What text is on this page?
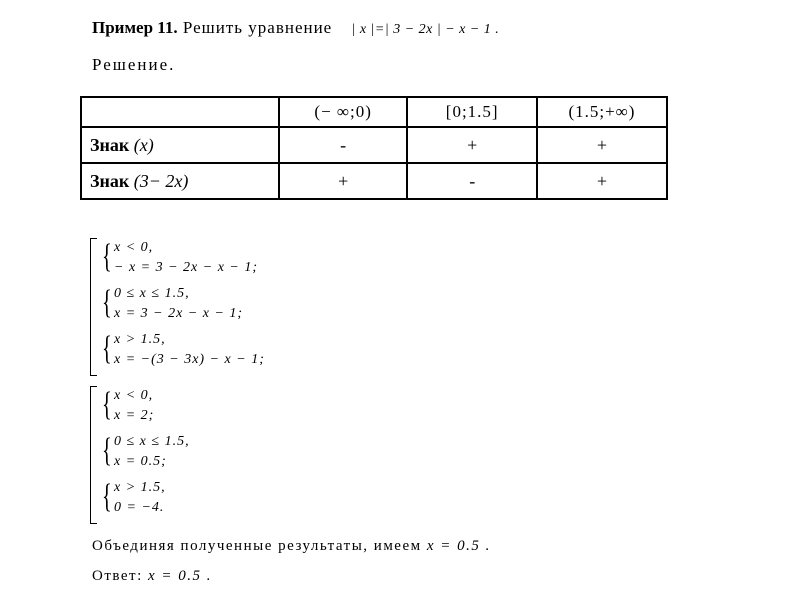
Пример 11. Решить уравнение | x |=| 3 − 2x | − x − 1 .
Решение.
	(− ∞;0)	[0;1.5]	(1.5;+∞)
Знак (x)	-	+	+
Знак (3− 2x)	+	-	+
{ x < 0,
− x = 3 − 2x − x − 1;
{ 0 ≤ x ≤ 1.5,
x = 3 − 2x − x − 1;
{ x > 1.5,
x = −(3 − 3x) − x − 1;
{ x < 0,
x = 2;
{ 0 ≤ x ≤ 1.5,
x = 0.5;
{ x > 1.5,
0 = −4.
Объединяя полученные результаты, имеем x = 0.5 .
Ответ: x = 0.5 .
